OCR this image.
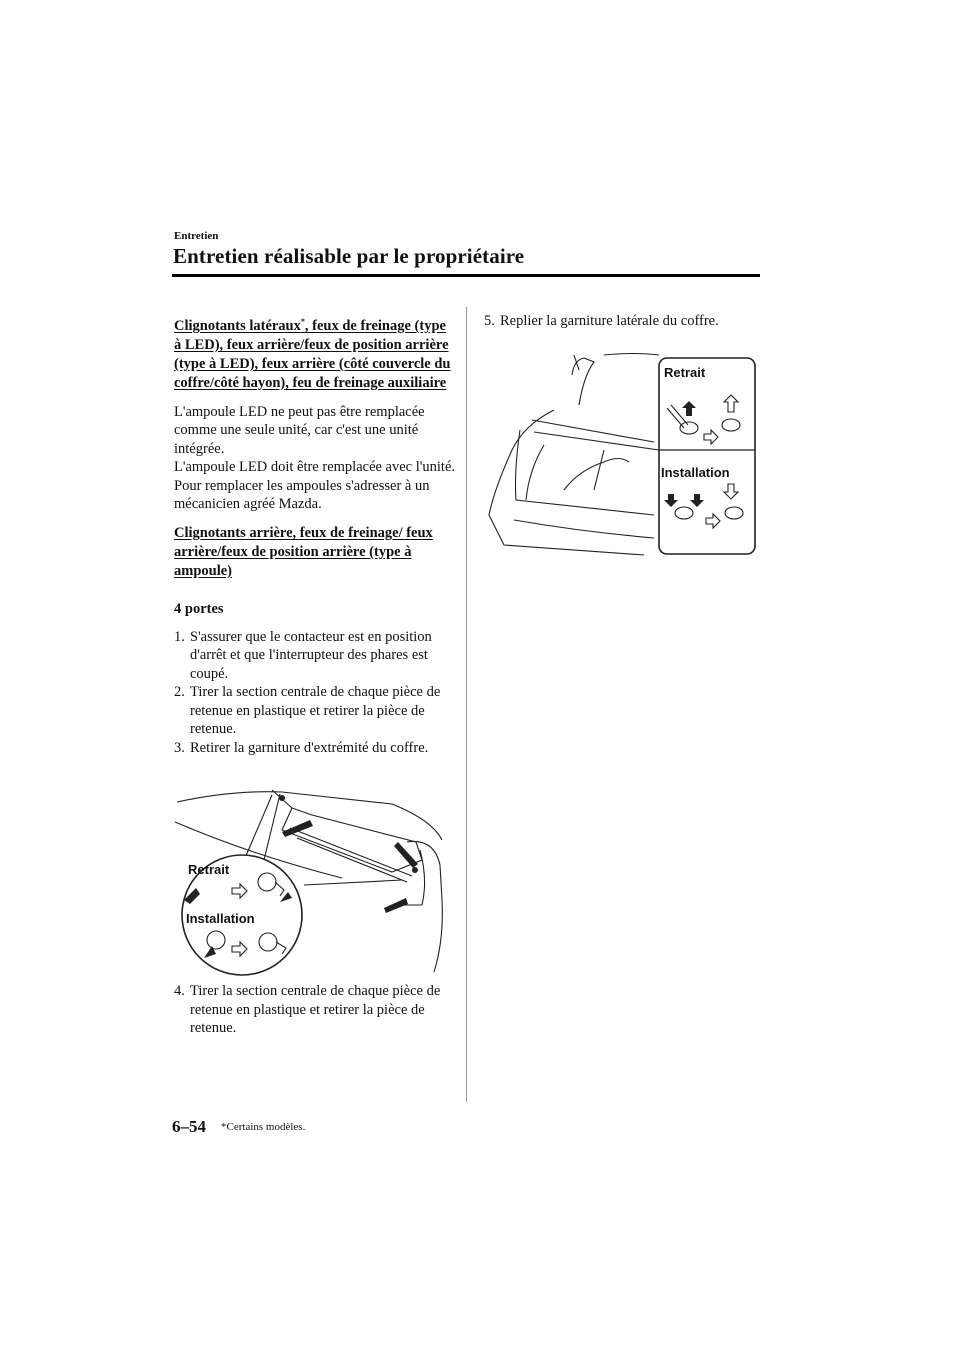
Entretien
Entretien réalisable par le propriétaire

Clignotants latéraux*, feux de freinage (type à LED), feux arrière/feux de position arrière (type à LED), feux arrière (côté couvercle du coffre/côté hayon), feu de freinage auxiliaire

L'ampoule LED ne peut pas être remplacée comme une seule unité, car c'est une unité intégrée.

L'ampoule LED doit être remplacée avec l'unité. Pour remplacer les ampoules s'adresser à un mécanicien agréé Mazda.

Clignotants arrière, feux de freinage/ feux arrière/feux de position arrière (type à ampoule)

4 portes

1. S'assurer que le contacteur est en position d'arrêt et que l'interrupteur des phares est coupé.
2. Tirer la section centrale de chaque pièce de retenue en plastique et retirer la pièce de retenue.
3. Retirer la garniture d'extrémité du coffre.
Retrait
Installation
4. Tirer la section centrale de chaque pièce de retenue en plastique et retirer la pièce de retenue.
5. Replier la garniture latérale du coffre.
Retrait
Installation
6–54 *Certains modèles.
